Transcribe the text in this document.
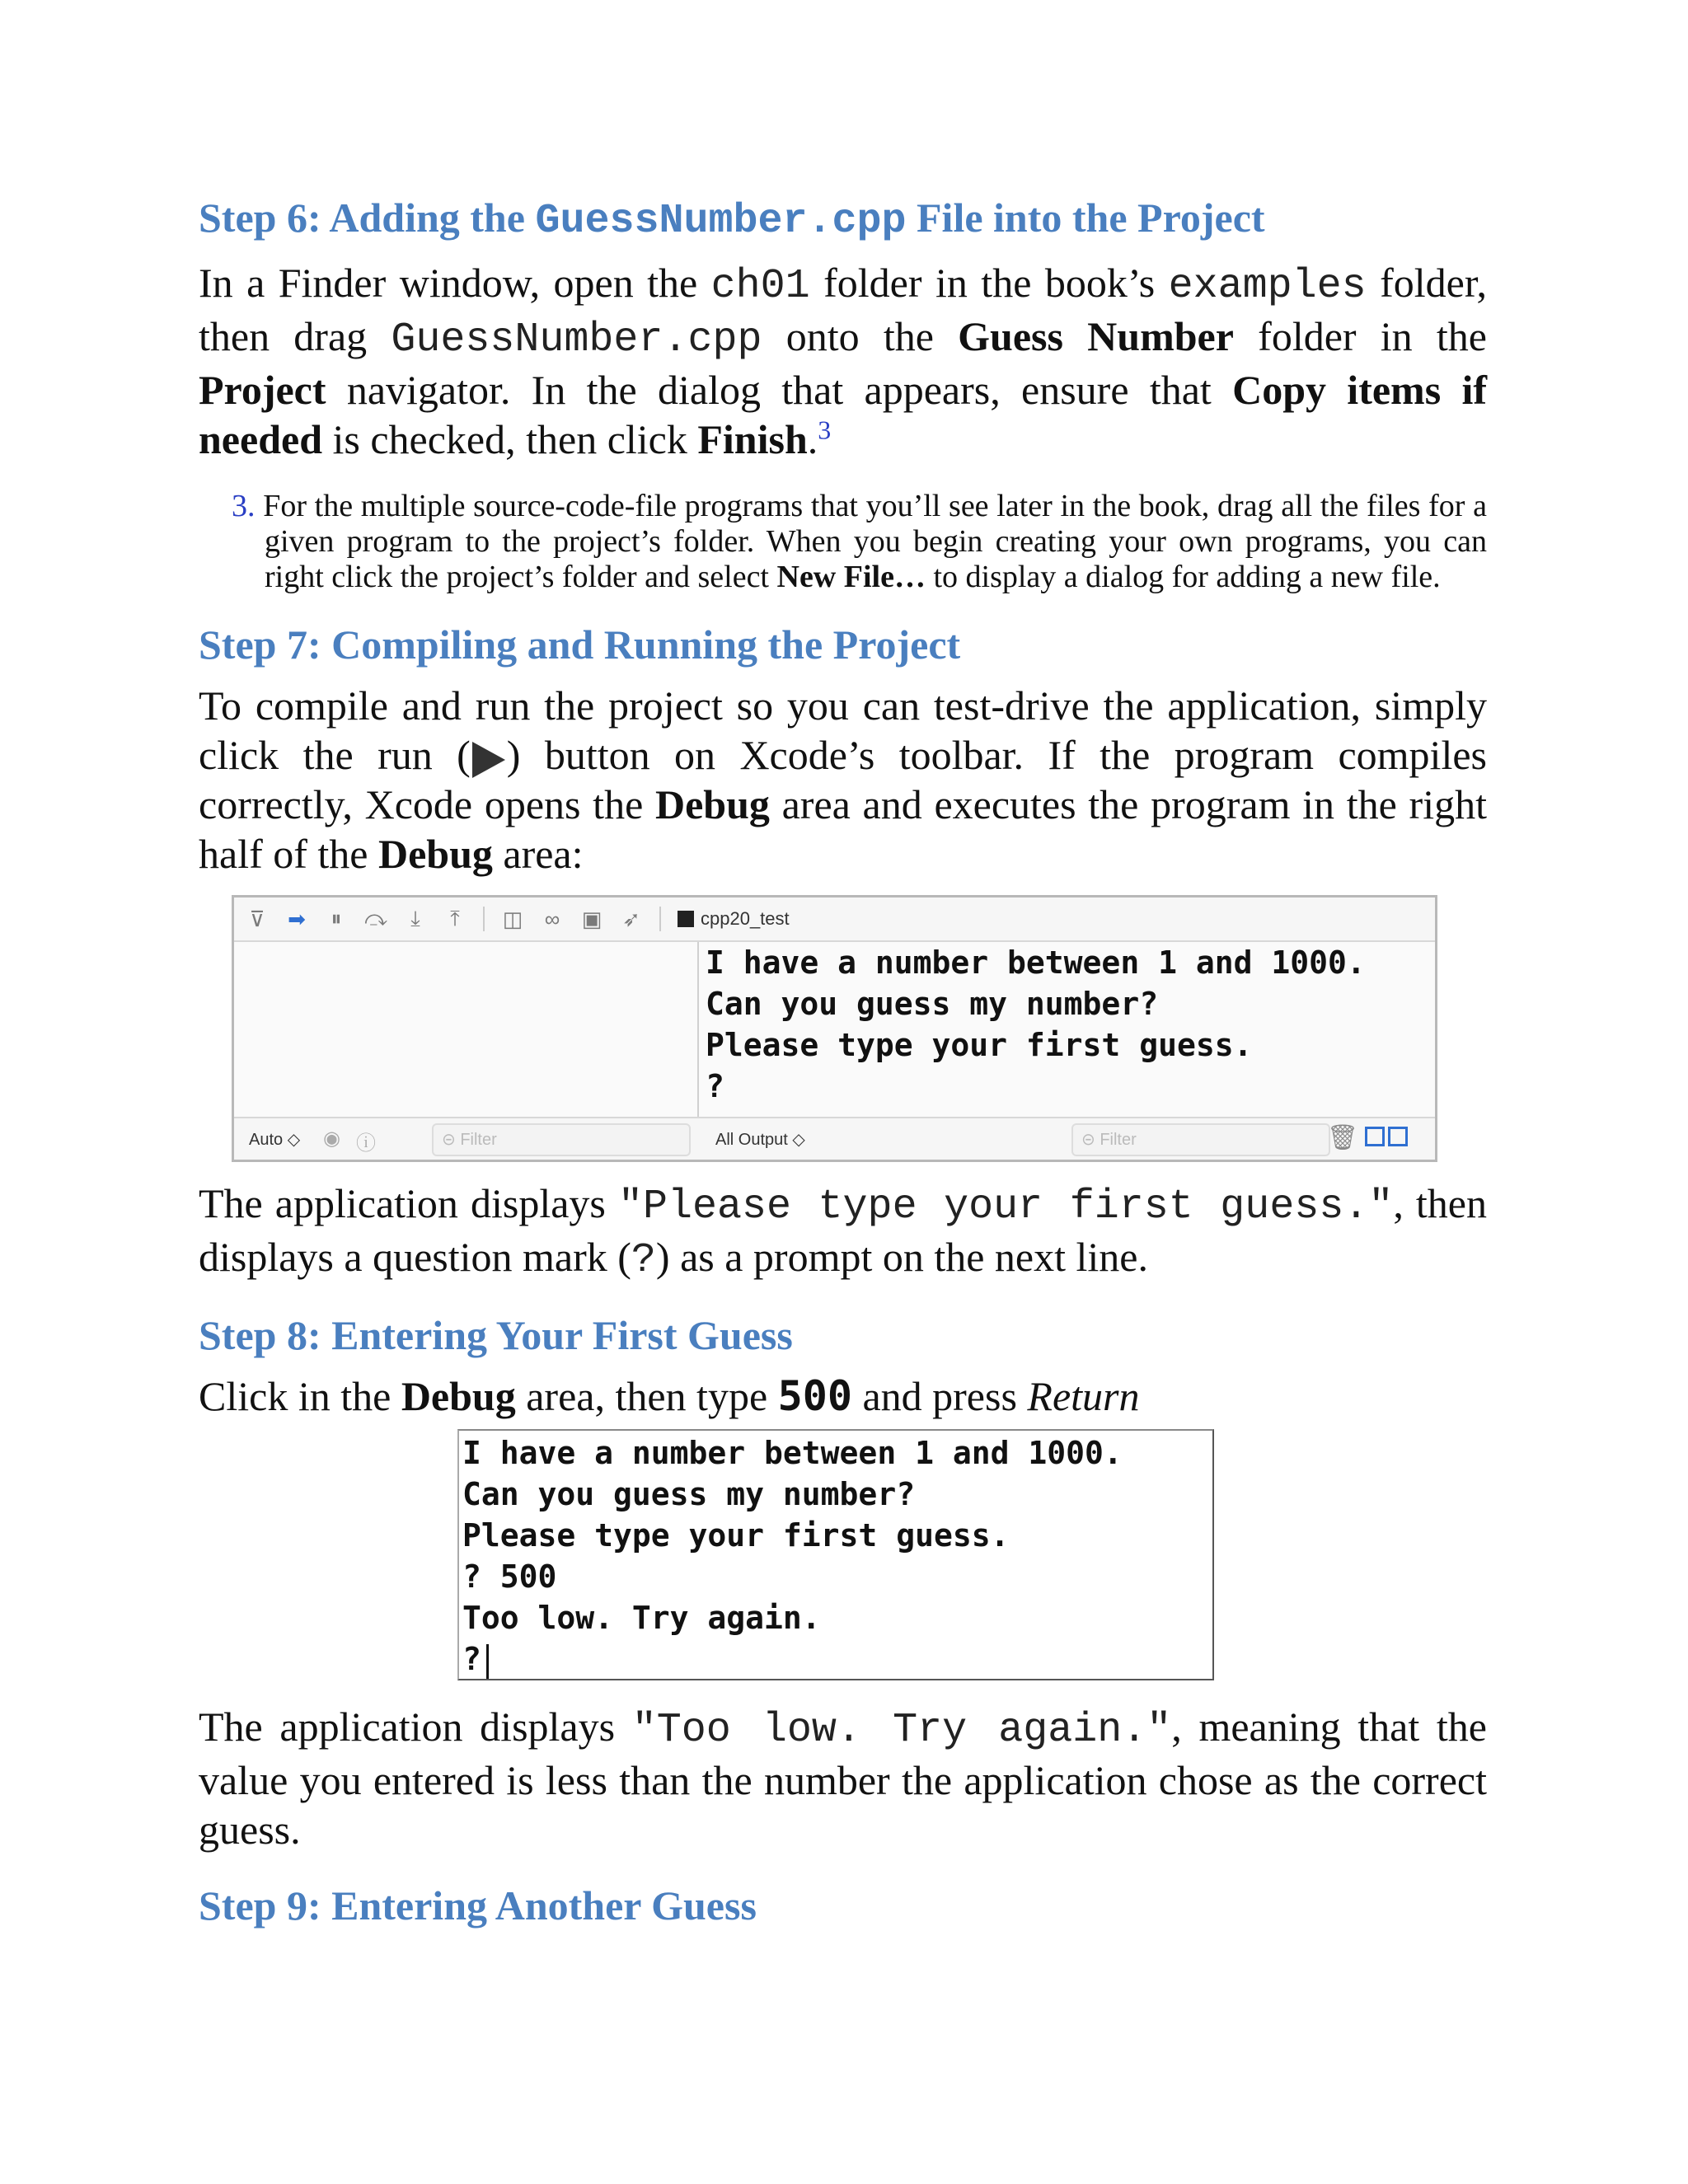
Step 6: Adding the GuessNumber.cpp File into the Project

In a Finder window, open the ch01 folder in the book’s examples folder, then drag GuessNumber.cpp onto the Guess Number folder in the Project navigator. In the dialog that appears, ensure that Copy items if needed is checked, then click Finish.$^3$

3. For the multiple source-code-file programs that you’ll see later in the book, drag all the files for a given program to the project’s folder. When you begin creating your own programs, you can right click the project’s folder and select New File… to display a dialog for adding a new file.
Step 7: Compiling and Running the Project

To compile and run the project so you can test-drive the application, simply click the run ( ) button on Xcode’s toolbar. If the program compiles correctly, Xcode opens the Debug area and executes the program in the right half of the Debug area:

⊽ ➡ ⏸ ⤼	⤓	⤒	◫ ∞ ▣ ➶	cpp20_test
I have a number between 1 and 1000.
Can you guess my number?
Please type your first guess.
?
Auto ◇ ◉ ⓘ	⊝ Filter	All Output ◇	⊝ Filter	🗑

The application displays "Please type your first guess.", then displays a question mark (?) as a prompt on the next line.

Step 8: Entering Your First Guess

Click in the Debug area, then type 500 and press Return

I have a number between 1 and 1000.
Can you guess my number?
Please type your first guess.
? 500
Too low. Try again.
?

The application displays "Too low. Try again.", meaning that the value you entered is less than the number the application chose as the correct guess.

Step 9: Entering Another Guess
